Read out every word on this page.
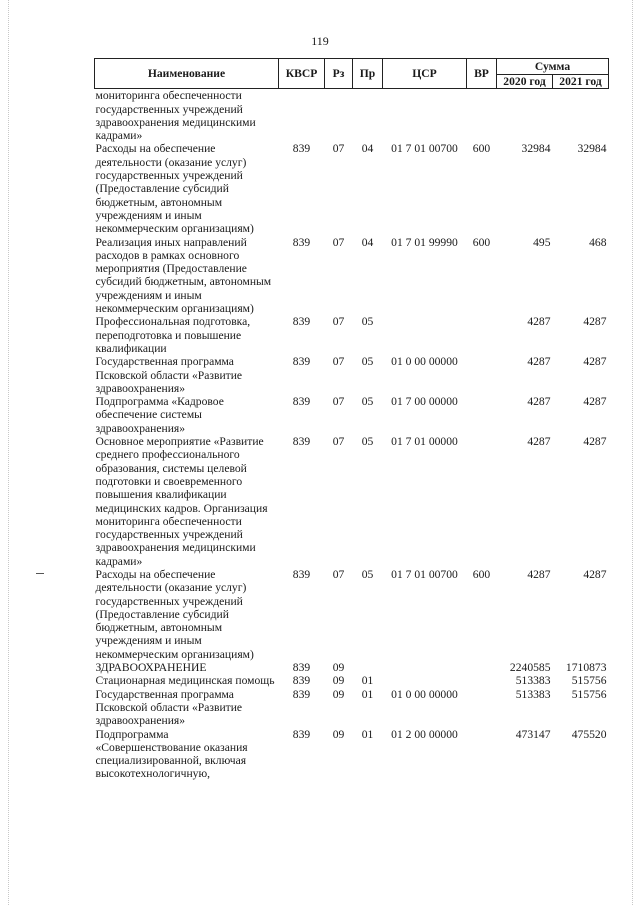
119
Наименование	КВСР	Рз	Пр	ЦСР	ВР	Сумма	
						2020 год	2021 год
мониторинга обеспеченности государственных учреждений здравоохранения медицинскими кадрами»							
Расходы на обеспечение деятельности (оказание услуг) государственных учреждений (Предоставление субсидий бюджетным, автономным учреждениям и иным некоммерческим организациям)	839	07	04	01 7 01 00700	600	32984	32984
Реализация иных направлений расходов в рамках основного мероприятия (Предоставление субсидий бюджетным, автономным учреждениям и иным некоммерческим организациям)	839	07	04	01 7 01 99990	600	495	468
Профессиональная подготовка, переподготовка и повышение квалификации	839	07	05			4287	4287
Государственная программа Псковской области «Развитие здравоохранения»	839	07	05	01 0 00 00000		4287	4287
Подпрограмма «Кадровое обеспечение системы здравоохранения»	839	07	05	01 7 00 00000		4287	4287
Основное мероприятие «Развитие среднего профессионального образования, системы целевой подготовки и своевременного повышения квалификации медицинских кадров. Организация мониторинга обеспеченности государственных учреждений здравоохранения медицинскими кадрами»	839	07	05	01 7 01 00000		4287	4287
Расходы на обеспечение деятельности (оказание услуг) государственных учреждений (Предоставление субсидий бюджетным, автономным учреждениям и иным некоммерческим организациям)	839	07	05	01 7 01 00700	600	4287	4287
ЗДРАВООХРАНЕНИЕ	839	09				2240585	1710873
Стационарная медицинская помощь	839	09	01			513383	515756
Государственная программа Псковской области «Развитие здравоохранения»	839	09	01	01 0 00 00000		513383	515756
Подпрограмма «Совершенствование оказания специализированной, включая высокотехнологичную,	839	09	01	01 2 00 00000		473147	475520
